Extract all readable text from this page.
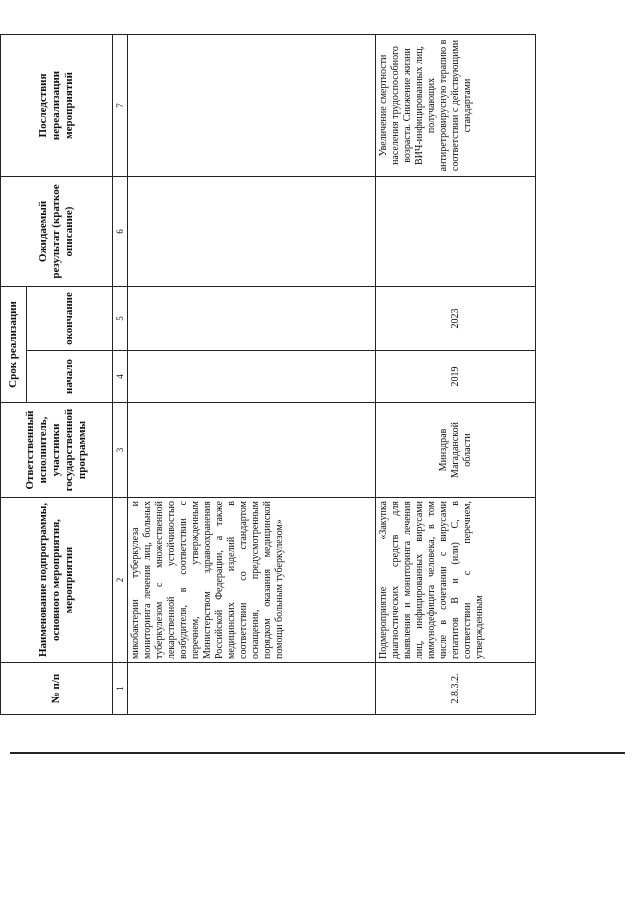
№ п/п	Наименование подпрограммы, основного мероприятия, мероприятия	Ответственный исполнитель, участники государственной программы	Срок реализации		Ожидаемый результат (краткое описание)	Последствия нереализации мероприятий
			начало	окончание		
1	2	3	4	5	6	7
	микобактерии туберкулеза и мониторинга лечения лиц, больных туберкулезом с множественной лекарственной устойчивостью возбудителя, в соответствии с перечнем, утвержденным Министерством здравоохранения Российской Федерации, а также медицинских изделий в соответствии со стандартом оснащения, предусмотренным порядком оказания медицинской помощи больным туберкулезом»					
2.8.3.2.	Подмероприятие «Закупка диагностических средств для выявления и мониторинга лечения лиц, инфицированных вирусами иммунодефицита человека, в том числе в сочетании с вирусами гепатитов В и (или) С, в соответствии с перечнем, утвержденным	Минздрав Магаданской области	2019	2023		Увеличение смертности населения трудоспособного возраста. Снижение жизни ВИЧ-инфицированных лиц, получающих антиретровирусную терапию в соответствии с действующими стандартами
